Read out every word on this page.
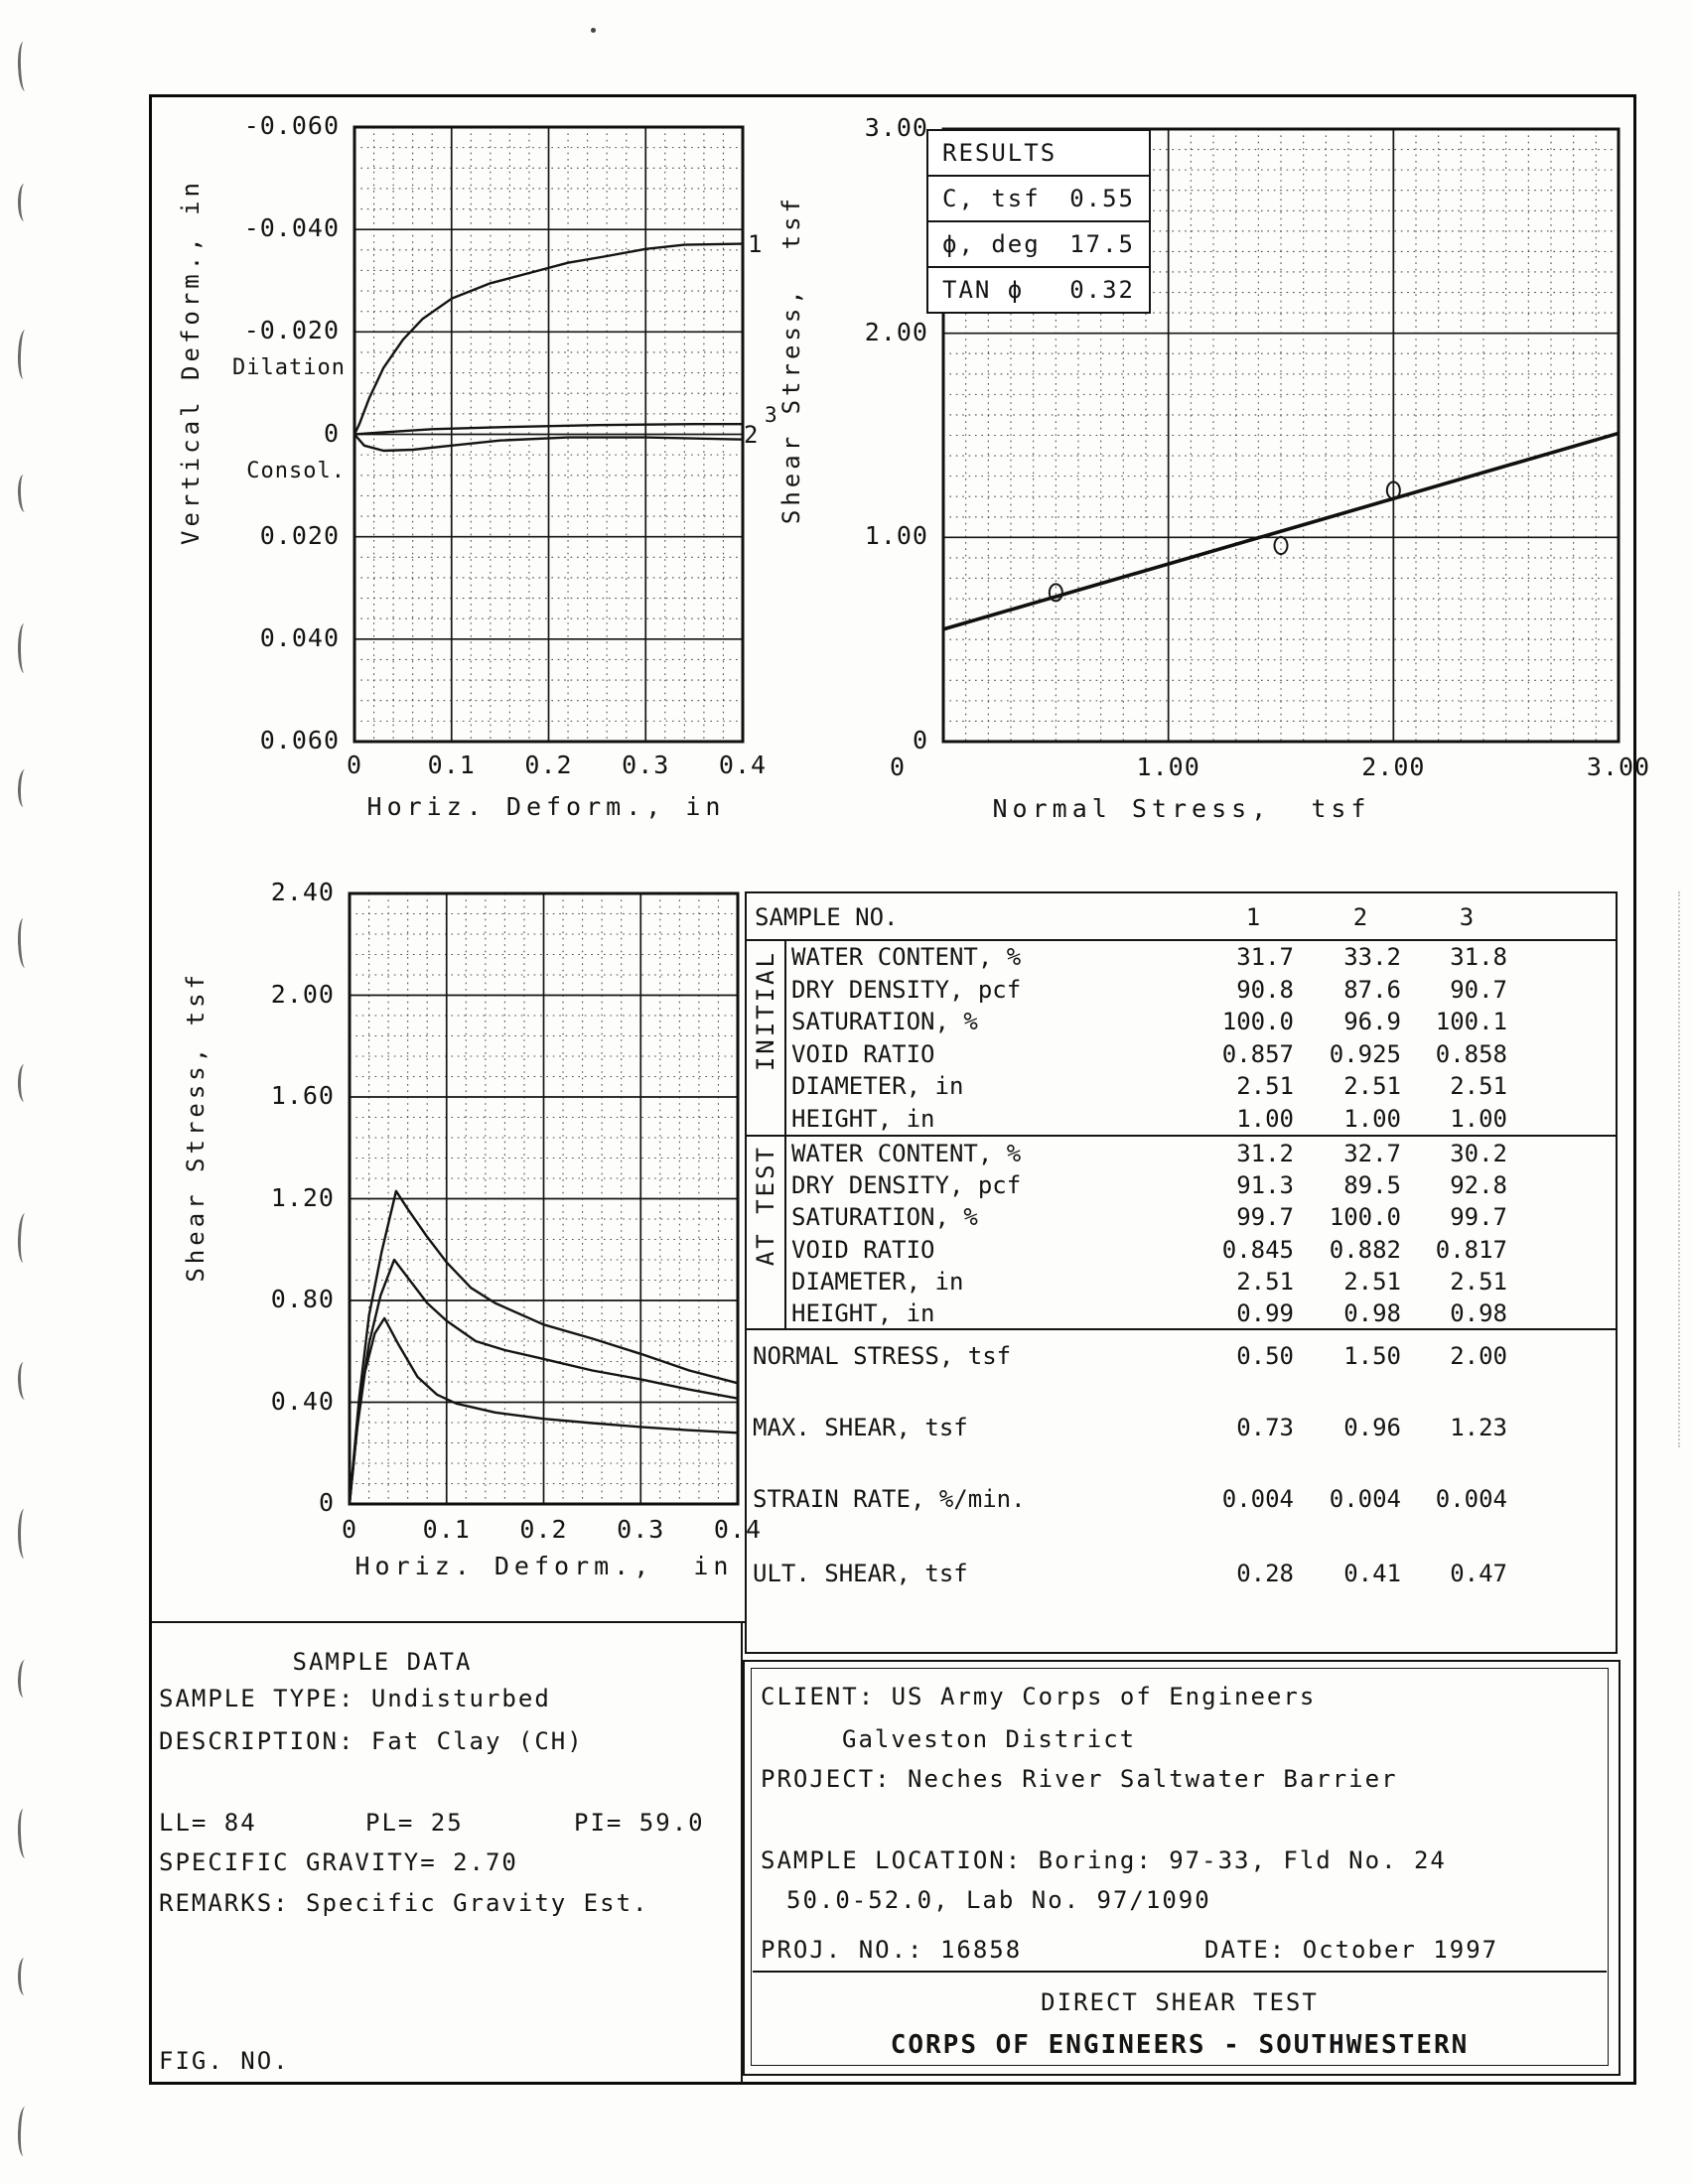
-0.060
-0.040
-0.020
0
0.020
0.040
0.060
0	0.1	0.2	0.3	0.4
0
1.00
2.00
3.00
0	1.00	2.00	3.00
2.40
2.00
1.60
1.20
0.80
0.40
0
0	0.1	0.2	0.3	0.4
Vertical Deform., in
Horiz. Deform., in
Dilation
Consol.
1
2
3 Shear Stress,  tsf
Normal Stress,  tsf
RESULTS
C, tsf 0.55
ϕ, deg 17.5
TAN ϕ 0.32
Shear Stress, tsf
Horiz. Deform.,  in
SAMPLE NO.	1	2	3
INITIAL
AT TEST
WATER CONTENT, %	31.7	33.2	31.8
DRY DENSITY, pcf	90.8	87.6	90.7
SATURATION, %	100.0	96.9	100.1
VOID RATIO	0.857	0.925	0.858
DIAMETER, in	2.51	2.51	2.51
HEIGHT, in	1.00	1.00	1.00
WATER CONTENT, %	31.2	32.7	30.2
DRY DENSITY, pcf	91.3	89.5	92.8
SATURATION, %	99.7	100.0	99.7
VOID RATIO	0.845	0.882	0.817
DIAMETER, in	2.51	2.51	2.51
HEIGHT, in	0.99	0.98	0.98
NORMAL STRESS, tsf	0.50	1.50	2.00
MAX. SHEAR, tsf	0.73	0.96	1.23
STRAIN RATE, %/min.	0.004	0.004	0.004
ULT. SHEAR, tsf	0.28	0.41	0.47
SAMPLE DATA
SAMPLE TYPE: Undisturbed
DESCRIPTION: Fat Clay (CH)
LL= 84	PL= 25	PI= 59.0
SPECIFIC GRAVITY= 2.70
REMARKS: Specific Gravity Est.
FIG. NO.
CLIENT: US Army Corps of Engineers
Galveston District
PROJECT: Neches River Saltwater Barrier
SAMPLE LOCATION: Boring: 97-33, Fld No. 24
50.0-52.0, Lab No. 97/1090
PROJ. NO.: 16858	DATE: October 1997
DIRECT SHEAR TEST
CORPS OF ENGINEERS - SOUTHWESTERN
